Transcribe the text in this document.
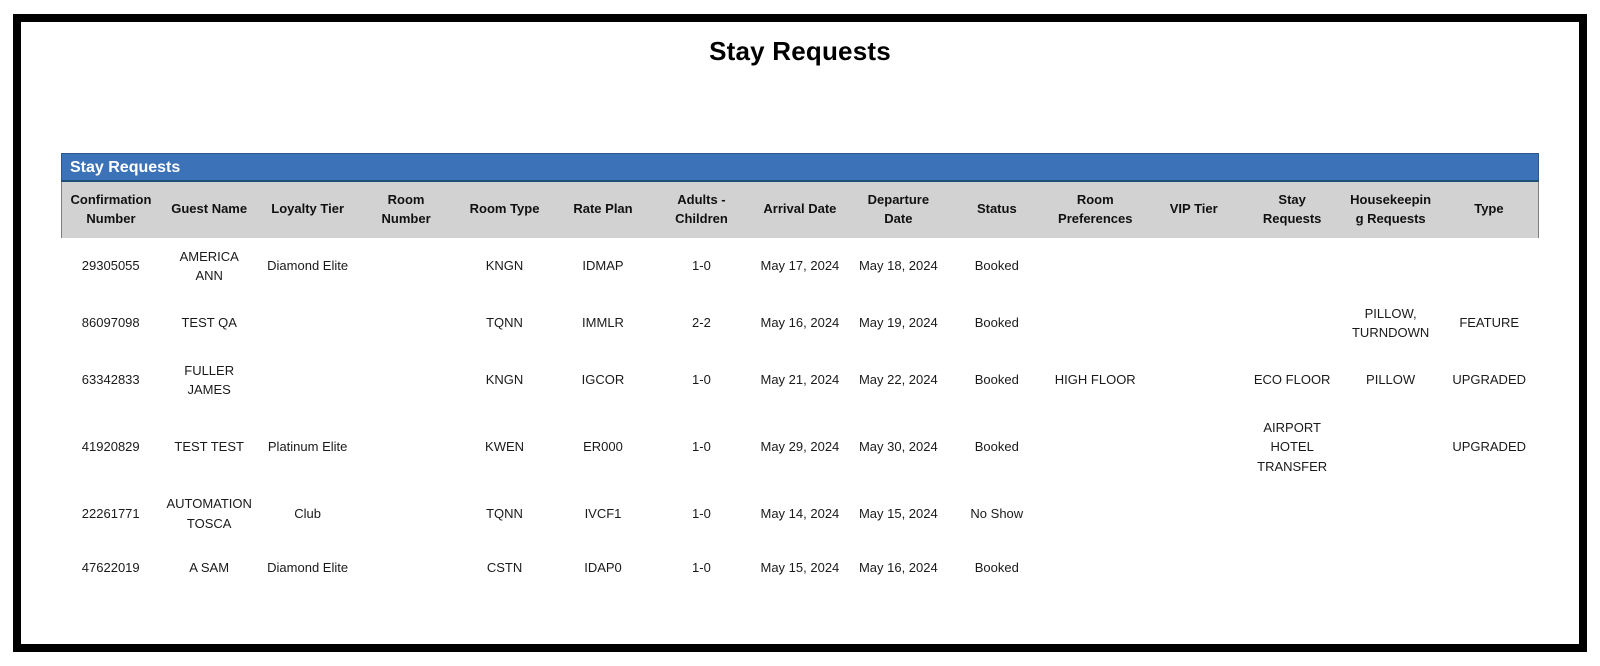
Stay Requests
Stay Requests
Confirmation Number	Guest Name	Loyalty Tier	Room Number	Room Type	Rate Plan	Adults - Children	Arrival Date	Departure Date	Status	Room Preferences	VIP Tier	Stay Requests	Housekeeping Requests	Type
29305055	AMERICA ANN	Diamond Elite		KNGN	IDMAP	1-0	May 17, 2024	May 18, 2024	Booked					
86097098	TEST QA			TQNN	IMMLR	2-2	May 16, 2024	May 19, 2024	Booked				PILLOW, TURNDOWN	FEATURE
63342833	FULLER JAMES			KNGN	IGCOR	1-0	May 21, 2024	May 22, 2024	Booked	HIGH FLOOR		ECO FLOOR	PILLOW	UPGRADED
41920829	TEST TEST	Platinum Elite		KWEN	ER000	1-0	May 29, 2024	May 30, 2024	Booked			AIRPORT HOTEL TRANSFER		UPGRADED
22261771	AUTOMATION TOSCA	Club		TQNN	IVCF1	1-0	May 14, 2024	May 15, 2024	No Show					
47622019	A SAM	Diamond Elite		CSTN	IDAP0	1-0	May 15, 2024	May 16, 2024	Booked					
